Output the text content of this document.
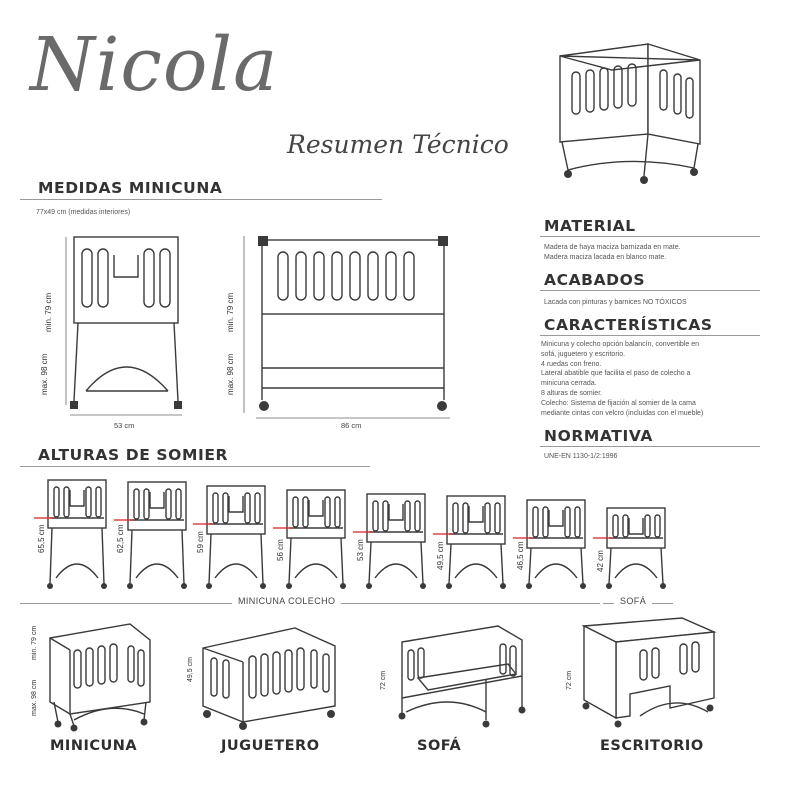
Nicola
Resumen Técnico
MEDIDAS MINICUNA
77x49 cm (medidas interiores)
min. 79 cm
max. 98 cm
53 cm
min. 79 cm
max. 98 cm
86 cm
MATERIAL
Madera de haya maciza barnizada en mate.
Madera maciza lacada en blanco mate.
ACABADOS
Lacada con pinturas y barnices NO TÓXICOS
CARACTERÍSTICAS
Minicuna y colecho opción balancín, convertible en
sofá, juguetero y escritorio.
4 ruedas con freno.
Lateral abatible que facilita el paso de colecho a
minicuna cerrada.
8 alturas de somier.
Colecho: Sistema de fijación al somier de la cama
mediante cintas con velcro (incluidas con el mueble)
NORMATIVA
UNE-EN 1130-1/2:1996
ALTURAS DE SOMIER
65,5 cm	62,5 cm	59 cm	56 cm	53 cm	49,5 cm	46,5 cm	42 cm
MINICUNA COLECHO	SOFÁ
min. 79 cm
max. 98 cm
49,5 cm	72 cm	72 cm
MINICUNA	JUGUETERO	SOFÁ	ESCRITORIO
